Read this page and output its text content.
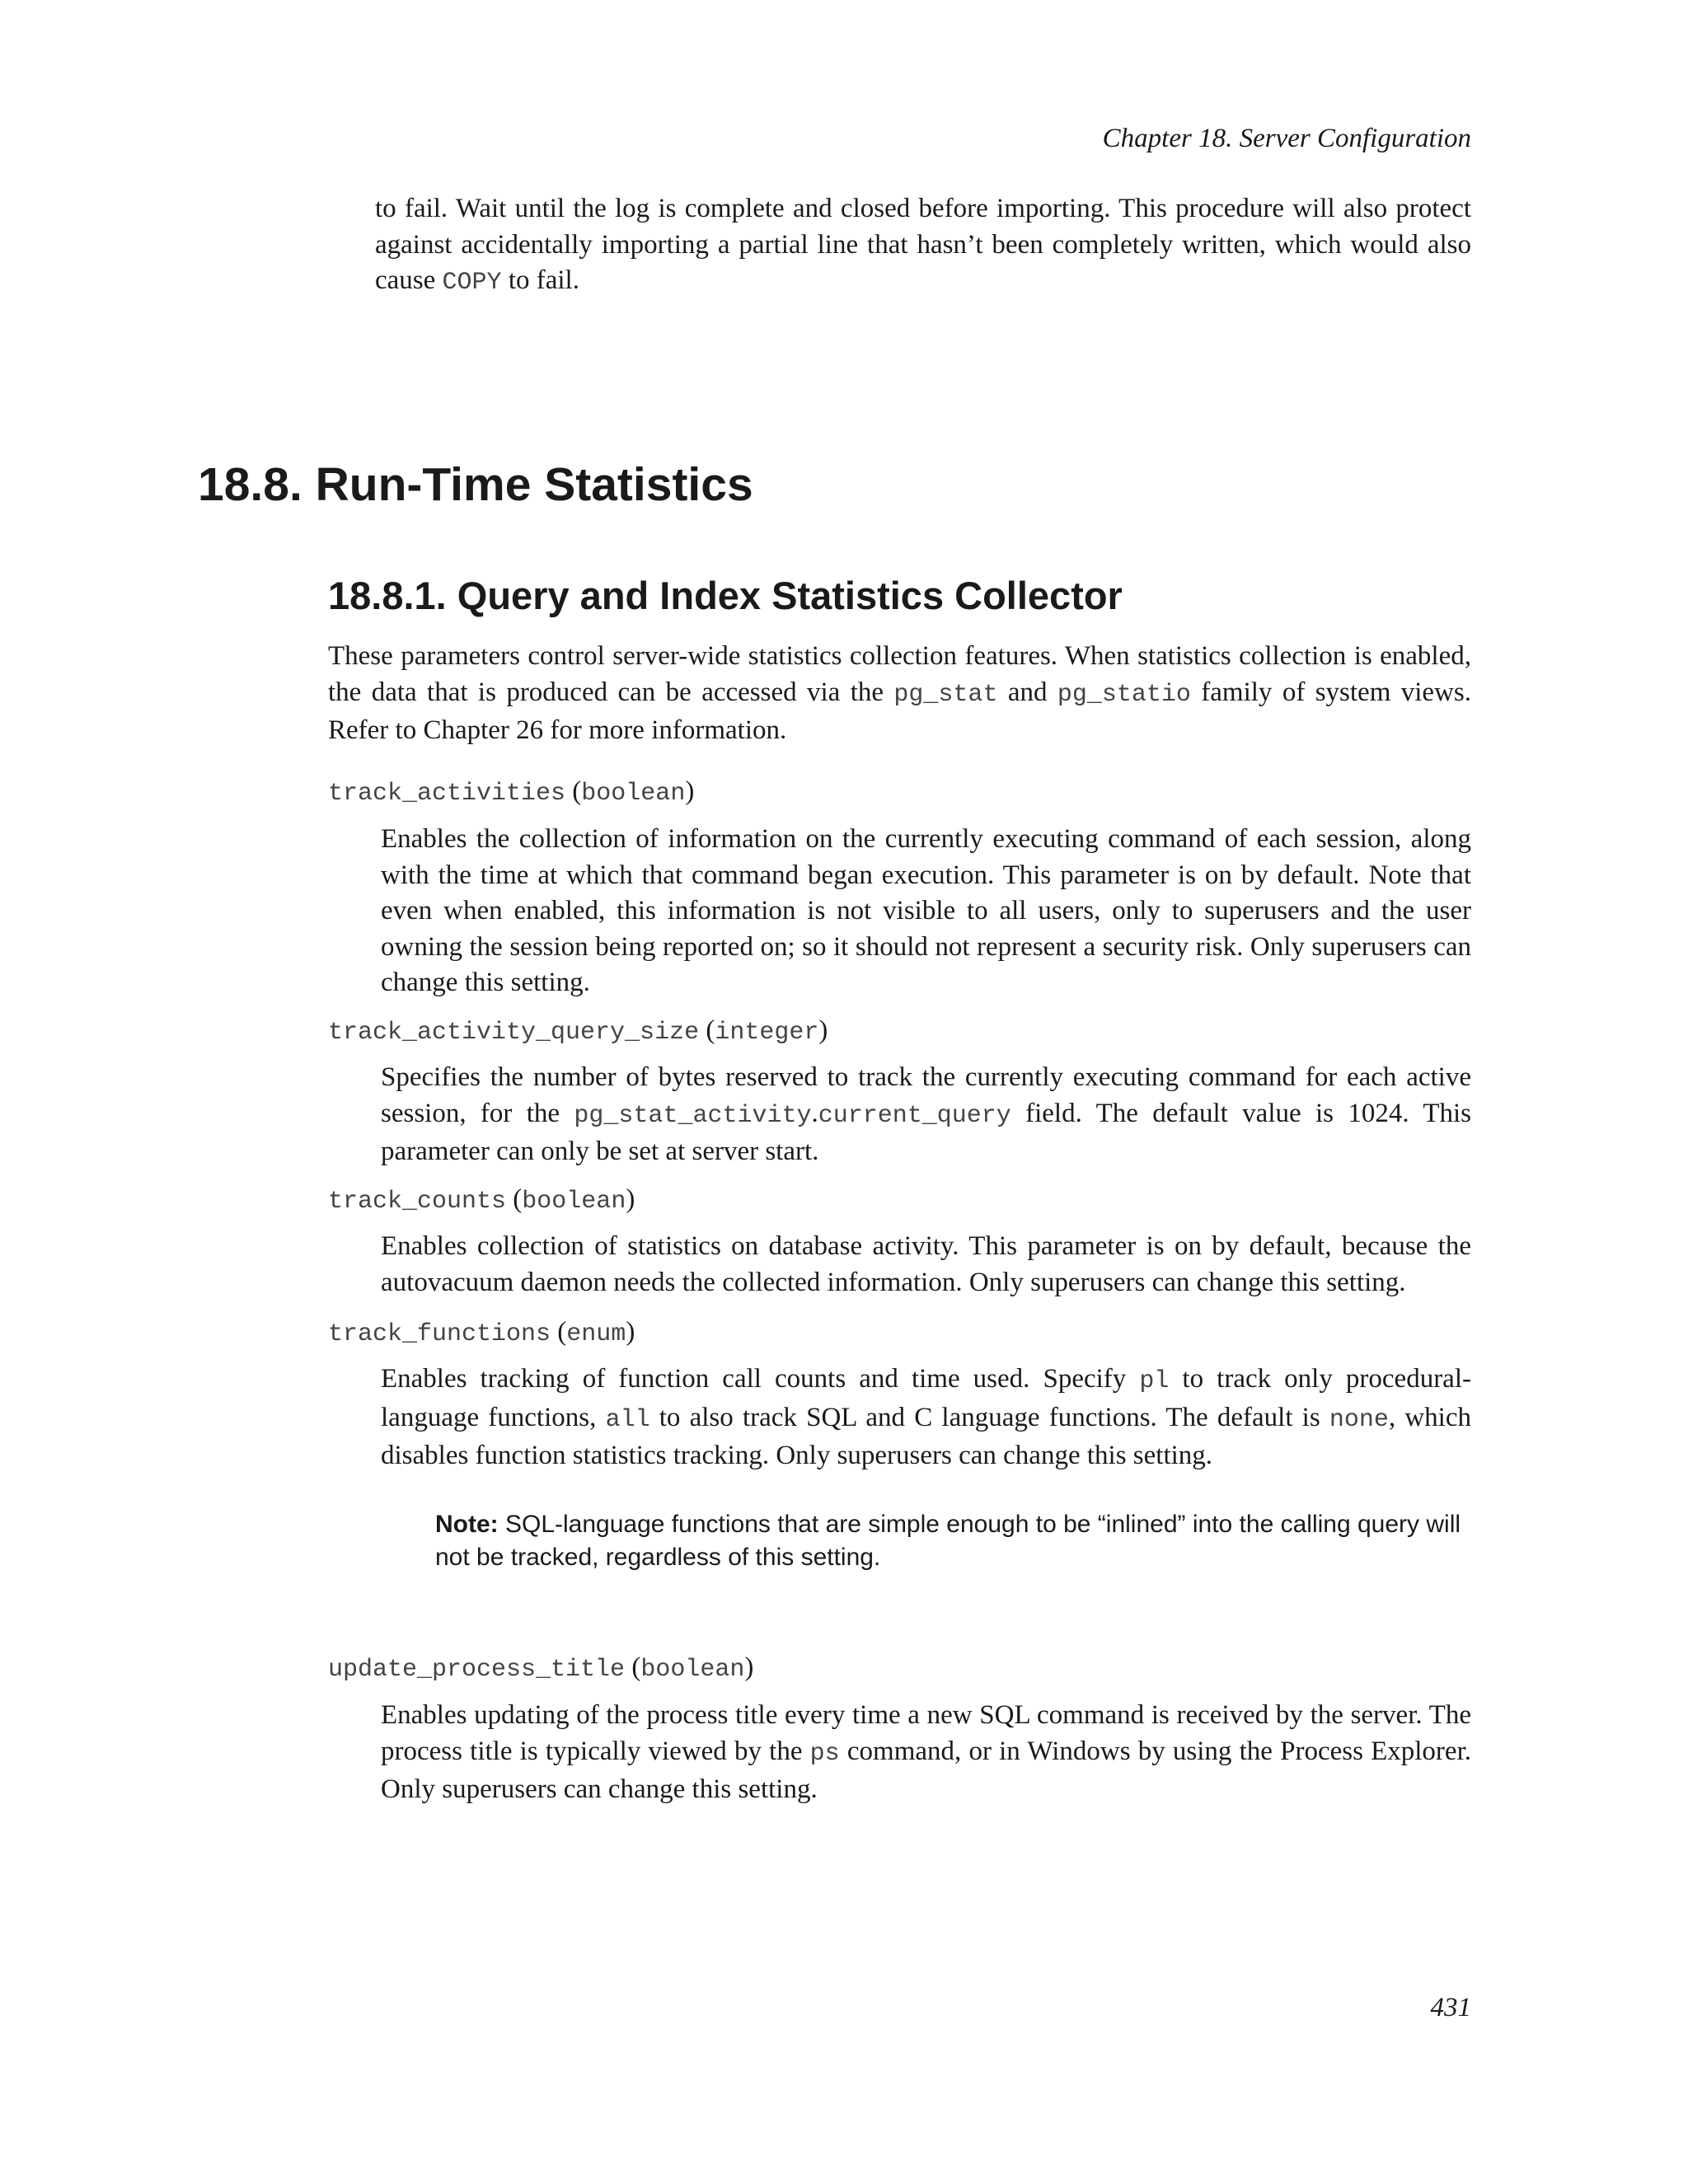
Chapter 18. Server Configuration

to fail. Wait until the log is complete and closed before importing. This procedure will also protect against accidentally importing a partial line that hasn’t been completely written, which would also cause COPY to fail.

18.8. Run-Time Statistics
18.8.1. Query and Index Statistics Collector

These parameters control server-wide statistics collection features. When statistics collection is enabled, the data that is produced can be accessed via the pg_stat and pg_statio family of system views. Refer to Chapter 26 for more information.

track_activities (boolean)

Enables the collection of information on the currently executing command of each session, along with the time at which that command began execution. This parameter is on by default. Note that even when enabled, this information is not visible to all users, only to superusers and the user owning the session being reported on; so it should not represent a security risk. Only superusers can change this setting.

track_activity_query_size (integer)

Specifies the number of bytes reserved to track the currently executing command for each active session, for the pg_stat_activity.current_query field. The default value is 1024. This parameter can only be set at server start.

track_counts (boolean)

Enables collection of statistics on database activity. This parameter is on by default, because the autovacuum daemon needs the collected information. Only superusers can change this setting.

track_functions (enum)

Enables tracking of function call counts and time used. Specify pl to track only procedural-language functions, all to also track SQL and C language functions. The default is none, which disables function statistics tracking. Only superusers can change this setting.

Note: SQL-language functions that are simple enough to be “inlined” into the calling query will not be tracked, regardless of this setting.

update_process_title (boolean)

Enables updating of the process title every time a new SQL command is received by the server. The process title is typically viewed by the ps command, or in Windows by using the Process Explorer. Only superusers can change this setting.

431
